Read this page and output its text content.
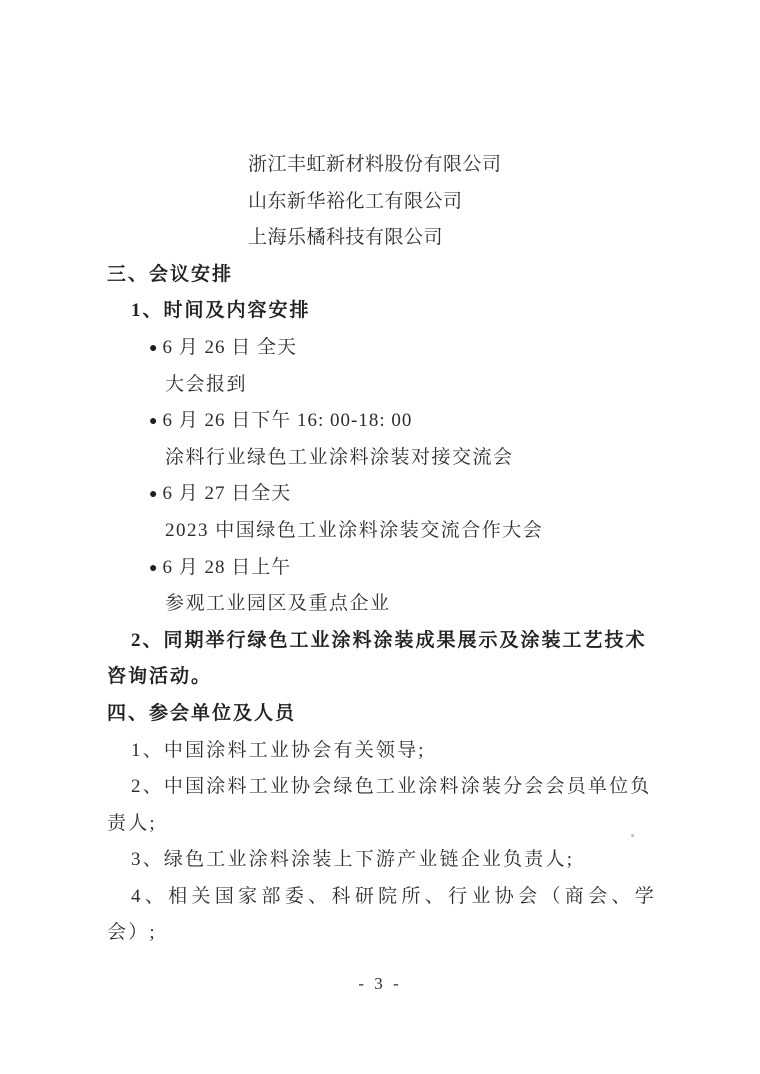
浙江丰虹新材料股份有限公司
山东新华裕化工有限公司
上海乐橘科技有限公司
三、会议安排
1、时间及内容安排
● 6 月 26 日 全天
大会报到
● 6 月 26 日下午 16: 00-18: 00
涂料行业绿色工业涂料涂装对接交流会
● 6 月 27 日全天
2023 中国绿色工业涂料涂装交流合作大会
● 6 月 28 日上午
参观工业园区及重点企业
2、同期举行绿色工业涂料涂装成果展示及涂装工艺技术
咨询活动。
四、参会单位及人员
1、中国涂料工业协会有关领导;
2、中国涂料工业协会绿色工业涂料涂装分会会员单位负
责人;
3、绿色工业涂料涂装上下游产业链企业负责人;
4、相关国家部委、科研院所、行业协会（商会、学
会）;
- 3 -
